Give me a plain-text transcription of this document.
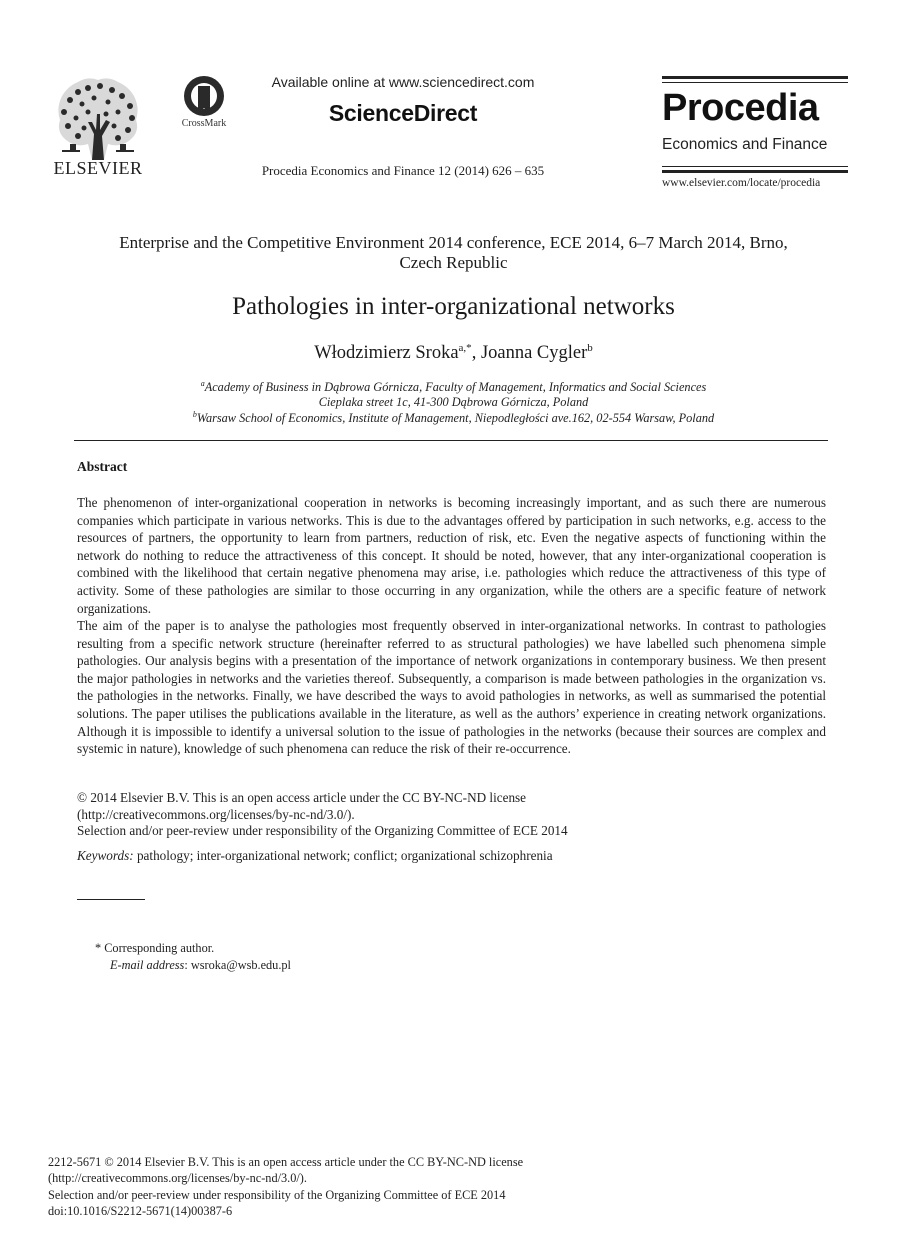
ELSEVIER
CrossMark
Available online at www.sciencedirect.com
ScienceDirect
Procedia Economics and Finance 12 (2014) 626 – 635
Procedia
Economics and Finance
www.elsevier.com/locate/procedia
Enterprise and the Competitive Environment 2014 conference, ECE 2014, 6–7 March 2014, Brno,
Czech Republic
Pathologies in inter-organizational networks
Włodzimierz Sroka$^{a,*}$, Joanna Cygler$^b$
$^a$Academy of Business in Dąbrowa Górnicza, Faculty of Management, Informatics and Social Sciences
Cieplaka street 1c, 41-300 Dąbrowa Górnicza, Poland
$^b$Warsaw School of Economics, Institute of Management, Niepodległości ave.162, 02-554 Warsaw, Poland
Abstract

The phenomenon of inter-organizational cooperation in networks is becoming increasingly important, and as such there are numerous companies which participate in various networks. This is due to the advantages offered by participation in such networks, e.g. access to the resources of partners, the opportunity to learn from partners, reduction of risk, etc. Even the negative aspects of functioning within the network do nothing to reduce the attractiveness of this concept. It should be noted, however, that any inter-organizational cooperation is combined with the likelihood that certain negative phenomena may arise, i.e. pathologies which reduce the attractiveness of this type of activity. Some of these pathologies are similar to those occurring in any organization, while the others are a specific feature of network organizations.

The aim of the paper is to analyse the pathologies most frequently observed in inter-organizational networks. In contrast to pathologies resulting from a specific network structure (hereinafter referred to as structural pathologies) we have labelled such phenomena simple pathologies. Our analysis begins with a presentation of the importance of network organizations in contemporary business. We then present the major pathologies in networks and the varieties thereof. Subsequently, a comparison is made between pathologies in the organization vs. the pathologies in the networks. Finally, we have described the ways to avoid pathologies in networks, as well as summarised the potential solutions. The paper utilises the publications available in the literature, as well as the authors’ experience in creating network organizations. Although it is impossible to identify a universal solution to the issue of pathologies in the networks (because their sources are complex and systemic in nature), knowledge of such phenomena can reduce the risk of their re-occurrence.

© 2014 Elsevier B.V. This is an open access article under the CC BY-NC-ND license
(http://creativecommons.org/licenses/by-nc-nd/3.0/).
Selection and/or peer-review under responsibility of the Organizing Committee of ECE 2014
Keywords: pathology; inter-organizational network; conflict; organizational schizophrenia
* Corresponding author.
E-mail address: wsroka@wsb.edu.pl
2212-5671 © 2014 Elsevier B.V. This is an open access article under the CC BY-NC-ND license
(http://creativecommons.org/licenses/by-nc-nd/3.0/).
Selection and/or peer-review under responsibility of the Organizing Committee of ECE 2014
doi:10.1016/S2212-5671(14)00387-6
